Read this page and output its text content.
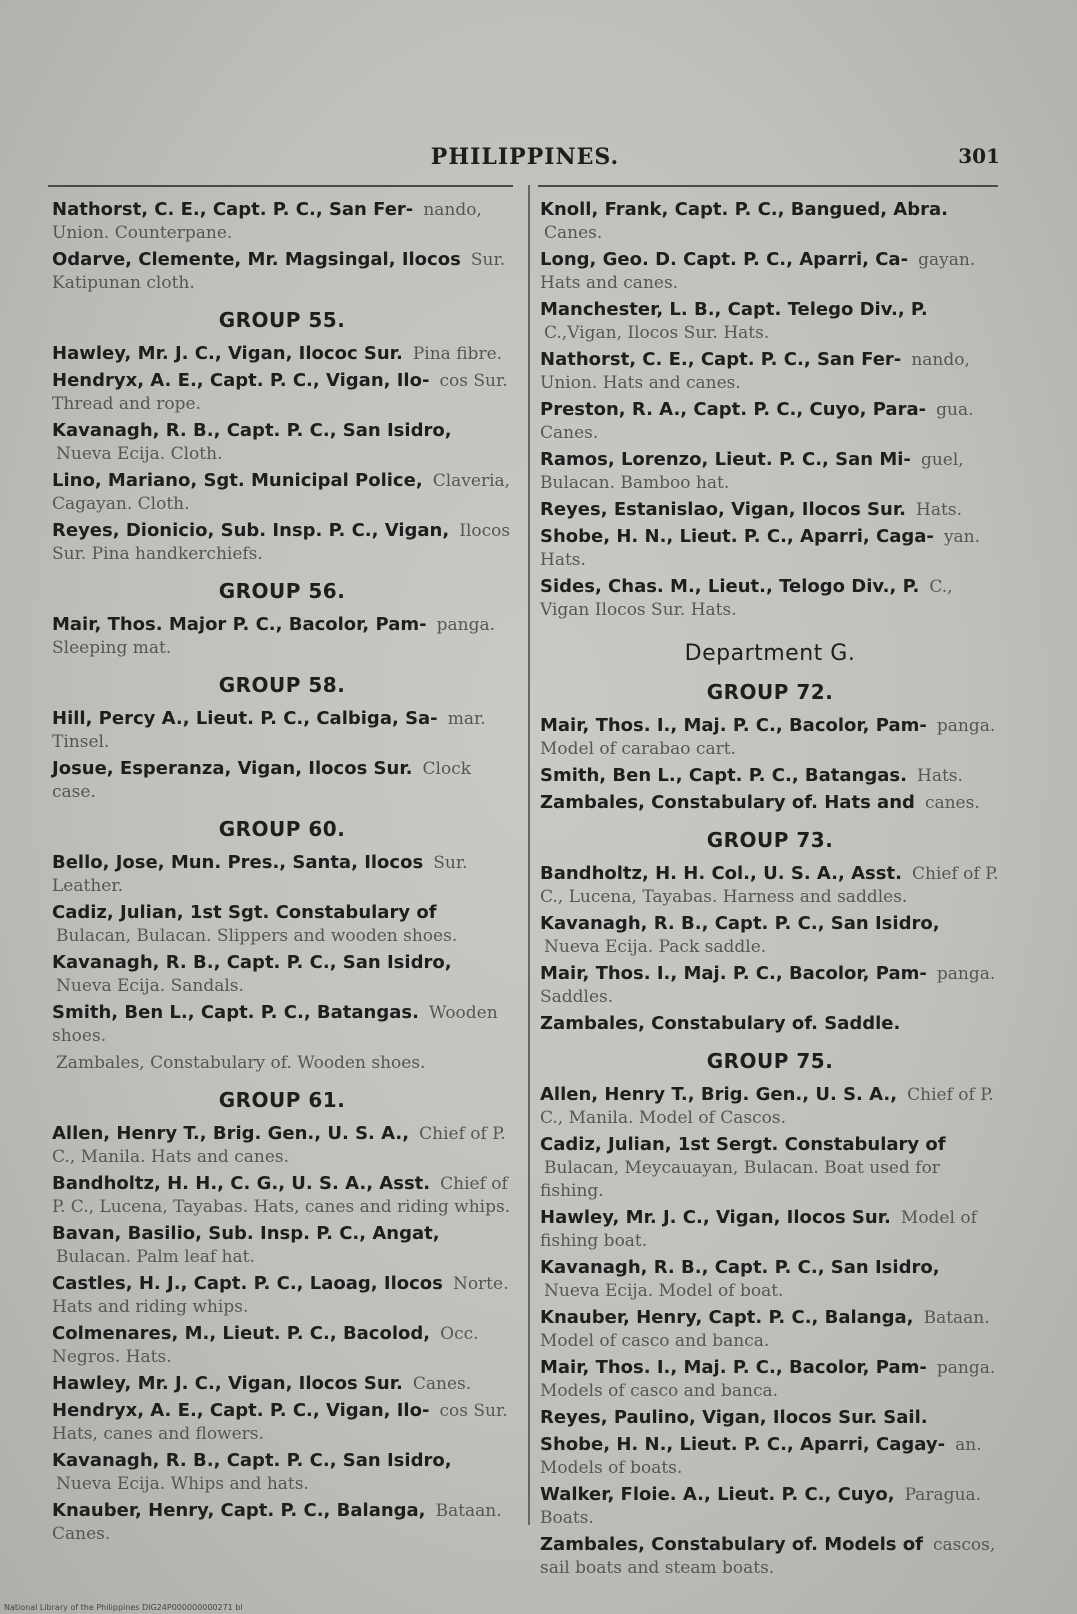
PHILIPPINES.	301
Nathorst, C. E., Capt. P. C., San Fer- nando, Union. Counterpane.
Odarve, Clemente, Mr. Magsingal, Ilocos Sur. Katipunan cloth.
GROUP 55.
Hawley, Mr. J. C., Vigan, Ilococ Sur. Pina fibre.
Hendryx, A. E., Capt. P. C., Vigan, Ilo- cos Sur. Thread and rope.
Kavanagh, R. B., Capt. P. C., San Isidro, Nueva Ecija. Cloth.
Lino, Mariano, Sgt. Municipal Police, Claveria, Cagayan. Cloth.
Reyes, Dionicio, Sub. Insp. P. C., Vigan, Ilocos Sur. Pina handkerchiefs.
GROUP 56.
Mair, Thos. Major P. C., Bacolor, Pam- panga. Sleeping mat.
GROUP 58.
Hill, Percy A., Lieut. P. C., Calbiga, Sa- mar. Tinsel.
Josue, Esperanza, Vigan, Ilocos Sur. Clock case.
GROUP 60.
Bello, Jose, Mun. Pres., Santa, Ilocos Sur. Leather.
Cadiz, Julian, 1st Sgt. Constabulary of Bulacan, Bulacan. Slippers and wooden shoes.
Kavanagh, R. B., Capt. P. C., San Isidro, Nueva Ecija. Sandals.
Smith, Ben L., Capt. P. C., Batangas. Wooden shoes.
Zambales, Constabulary of. Wooden shoes.
GROUP 61.
Allen, Henry T., Brig. Gen., U. S. A., Chief of P. C., Manila. Hats and canes.
Bandholtz, H. H., C. G., U. S. A., Asst. Chief of P. C., Lucena, Tayabas. Hats, canes and riding whips.
Bavan, Basilio, Sub. Insp. P. C., Angat, Bulacan. Palm leaf hat.
Castles, H. J., Capt. P. C., Laoag, Ilocos Norte. Hats and riding whips.
Colmenares, M., Lieut. P. C., Bacolod, Occ. Negros. Hats.
Hawley, Mr. J. C., Vigan, Ilocos Sur. Canes.
Hendryx, A. E., Capt. P. C., Vigan, Ilo- cos Sur. Hats, canes and flowers.
Kavanagh, R. B., Capt. P. C., San Isidro, Nueva Ecija. Whips and hats.
Knauber, Henry, Capt. P. C., Balanga, Bataan. Canes.
Knoll, Frank, Capt. P. C., Bangued, Abra. Canes.
Long, Geo. D. Capt. P. C., Aparri, Ca- gayan. Hats and canes.
Manchester, L. B., Capt. Telego Div., P. C.,Vigan, Ilocos Sur. Hats.
Nathorst, C. E., Capt. P. C., San Fer- nando, Union. Hats and canes.
Preston, R. A., Capt. P. C., Cuyo, Para- gua. Canes.
Ramos, Lorenzo, Lieut. P. C., San Mi- guel, Bulacan. Bamboo hat.
Reyes, Estanislao, Vigan, Ilocos Sur. Hats.
Shobe, H. N., Lieut. P. C., Aparri, Caga- yan. Hats.
Sides, Chas. M., Lieut., Telogo Div., P. C., Vigan Ilocos Sur. Hats.
Department G.
GROUP 72.
Mair, Thos. I., Maj. P. C., Bacolor, Pam- panga. Model of carabao cart.
Smith, Ben L., Capt. P. C., Batangas. Hats.
Zambales, Constabulary of. Hats and canes.
GROUP 73.
Bandholtz, H. H. Col., U. S. A., Asst. Chief of P. C., Lucena, Tayabas. Harness and saddles.
Kavanagh, R. B., Capt. P. C., San Isidro, Nueva Ecija. Pack saddle.
Mair, Thos. I., Maj. P. C., Bacolor, Pam- panga. Saddles.
Zambales, Constabulary of. Saddle.
GROUP 75.
Allen, Henry T., Brig. Gen., U. S. A., Chief of P. C., Manila. Model of Cascos.
Cadiz, Julian, 1st Sergt. Constabulary of Bulacan, Meycauayan, Bulacan. Boat used for fishing.
Hawley, Mr. J. C., Vigan, Ilocos Sur. Model of fishing boat.
Kavanagh, R. B., Capt. P. C., San Isidro, Nueva Ecija. Model of boat.
Knauber, Henry, Capt. P. C., Balanga, Bataan. Model of casco and banca.
Mair, Thos. I., Maj. P. C., Bacolor, Pam- panga. Models of casco and banca.
Reyes, Paulino, Vigan, Ilocos Sur. Sail.
Shobe, H. N., Lieut. P. C., Aparri, Cagay- an. Models of boats.
Walker, Floie. A., Lieut. P. C., Cuyo, Paragua. Boats.
Zambales, Constabulary of. Models of cascos, sail boats and steam boats.
National Library of the Philippines DIG24P000000000271 bl
